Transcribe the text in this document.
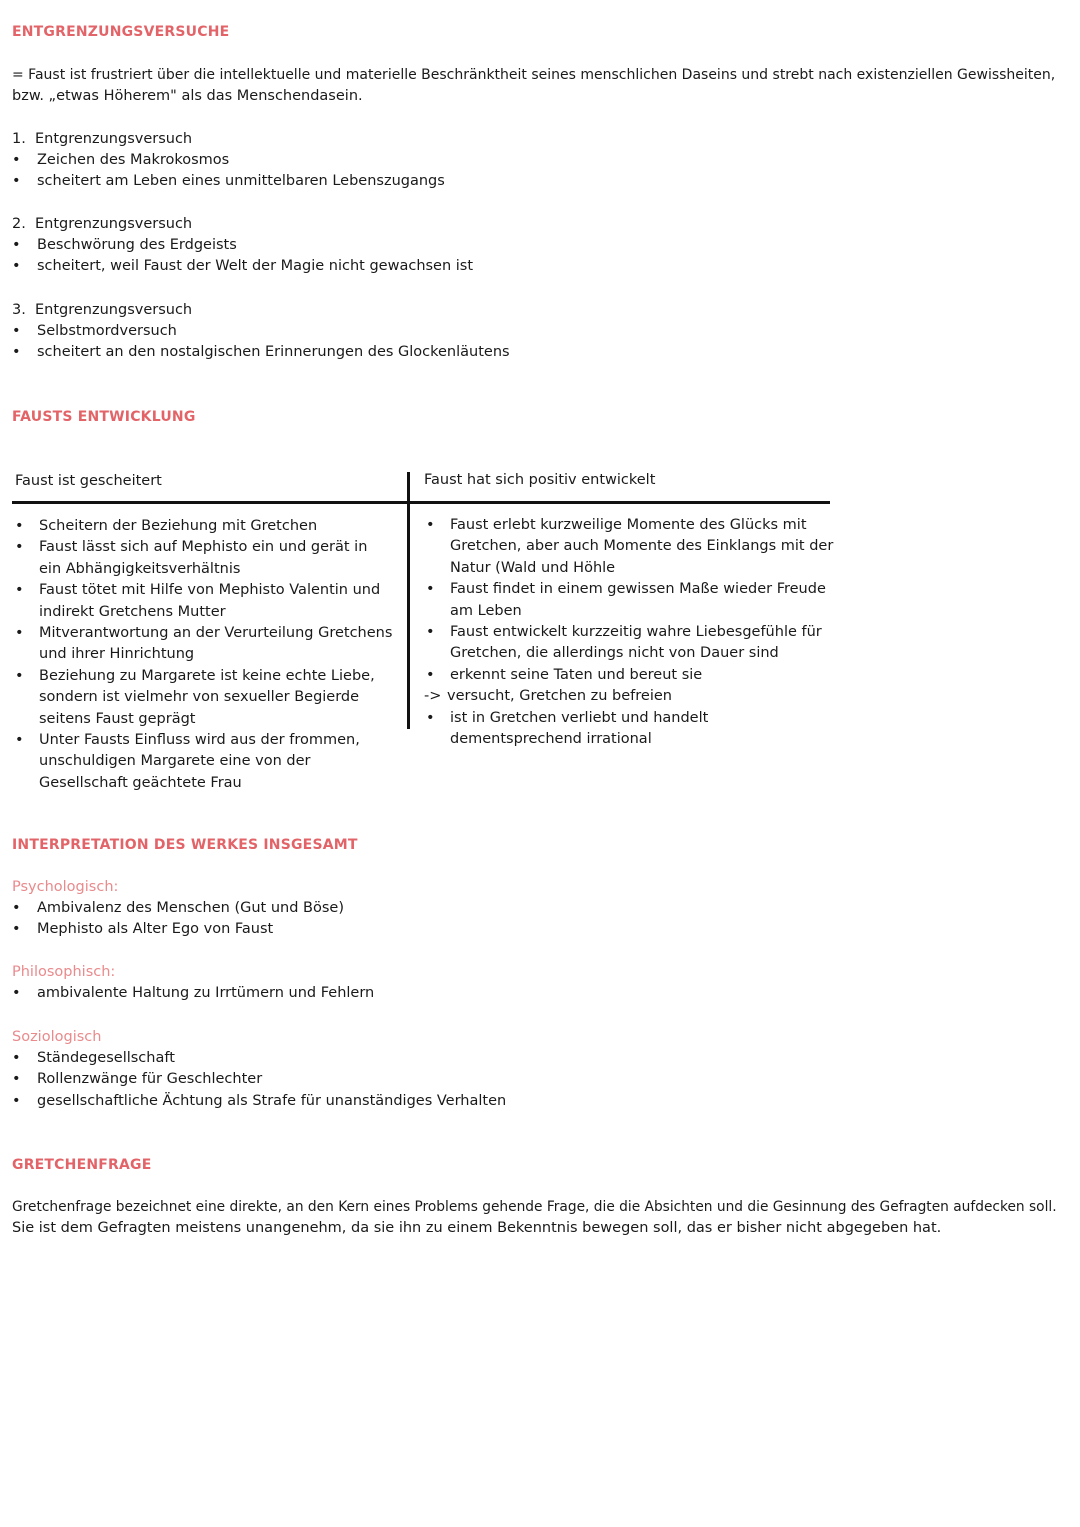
ENTGRENZUNGSVERSUCHE
= Faust ist frustriert über die intellektuelle und materielle Beschränktheit seines menschlichen Daseins und strebt nach existenziellen Gewissheiten,
bzw. „etwas Höherem" als das Menschendasein.
1. Entgrenzungsversuch
• Zeichen des Makrokosmos
• scheitert am Leben eines unmittelbaren Lebenszugangs
2. Entgrenzungsversuch
• Beschwörung des Erdgeists
• scheitert, weil Faust der Welt der Magie nicht gewachsen ist
3. Entgrenzungsversuch
• Selbstmordversuch
• scheitert an den nostalgischen Erinnerungen des Glockenläutens
FAUSTS ENTWICKLUNG
Faust ist gescheitert	Faust hat sich positiv entwickelt
• Scheitern der Beziehung mit Gretchen
• Faust lässt sich auf Mephisto ein und gerät in ein Abhängigkeitsverhältnis
• Faust tötet mit Hilfe von Mephisto Valentin und indirekt Gretchens Mutter
• Mitverantwortung an der Verurteilung Gretchens und ihrer Hinrichtung
• Beziehung zu Margarete ist keine echte Liebe, sondern ist vielmehr von sexueller Begierde seitens Faust geprägt
• Unter Fausts Einfluss wird aus der frommen, unschuldigen Margarete eine von der Gesellschaft geächtete Frau
• Faust erlebt kurzweilige Momente des Glücks mit Gretchen, aber auch Momente des Einklangs mit der Natur (Wald und Höhle
• Faust findet in einem gewissen Maße wieder Freude am Leben
• Faust entwickelt kurzzeitig wahre Liebesgefühle für Gretchen, die allerdings nicht von Dauer sind
• erkennt seine Taten und bereut sie
-> versucht, Gretchen zu befreien
• ist in Gretchen verliebt und handelt dementsprechend irrational
INTERPRETATION DES WERKES INSGESAMT
Psychologisch:
• Ambivalenz des Menschen (Gut und Böse)
• Mephisto als Alter Ego von Faust
Philosophisch:
• ambivalente Haltung zu Irrtümern und Fehlern
Soziologisch
• Ständegesellschaft
• Rollenzwänge für Geschlechter
• gesellschaftliche Ächtung als Strafe für unanständiges Verhalten
GRETCHENFRAGE
Gretchenfrage bezeichnet eine direkte, an den Kern eines Problems gehende Frage, die die Absichten und die Gesinnung des Gefragten aufdecken soll.
Sie ist dem Gefragten meistens unangenehm, da sie ihn zu einem Bekenntnis bewegen soll, das er bisher nicht abgegeben hat.
